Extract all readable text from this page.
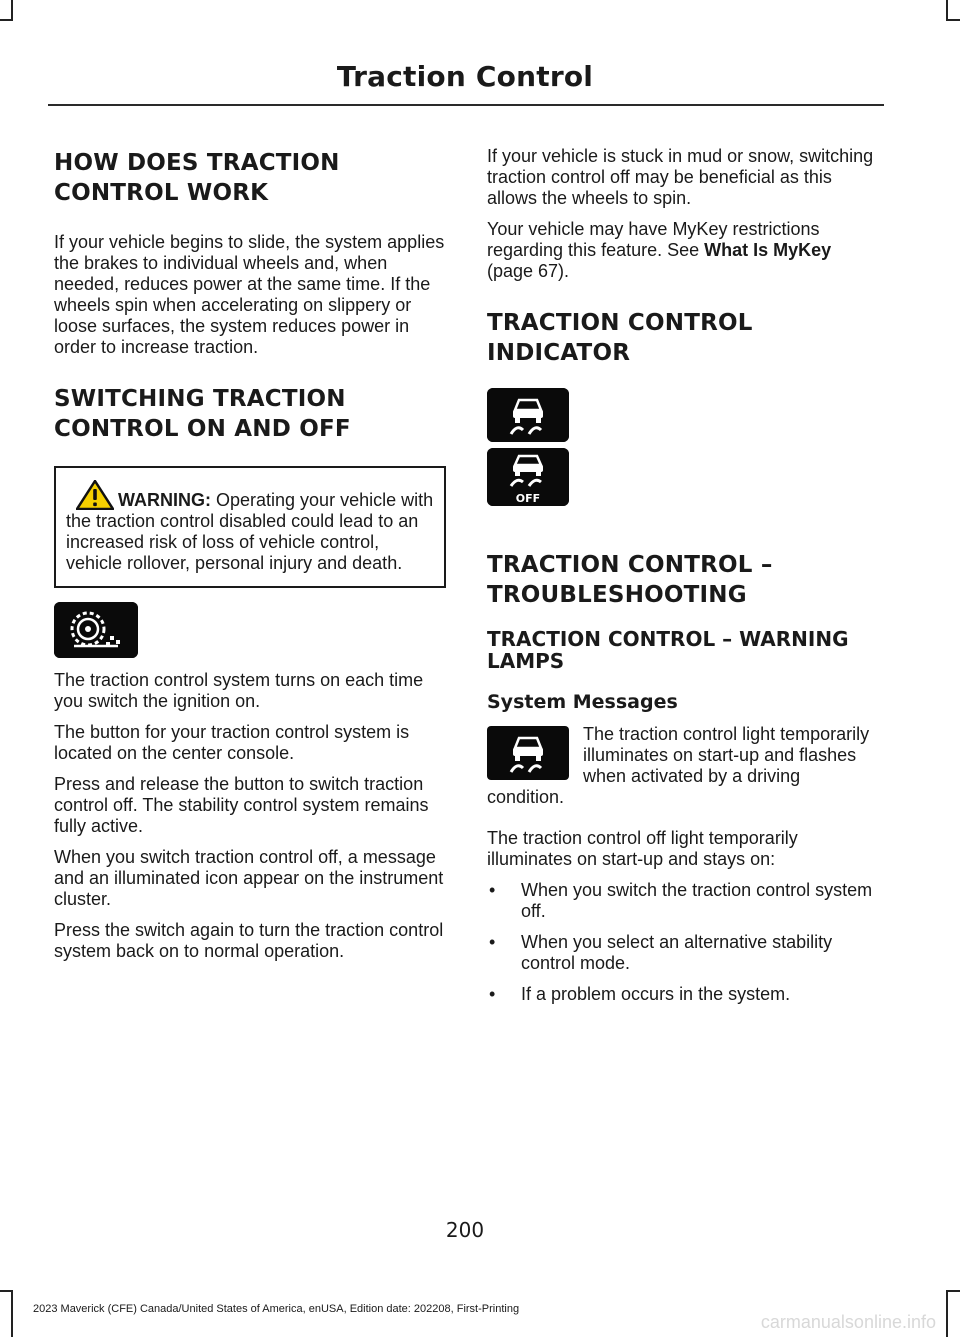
Traction Control
HOW DOES TRACTION
CONTROL WORK

If your vehicle begins to slide, the system applies the brakes to individual wheels and, when needed, reduces power at the same time. If the wheels spin when accelerating on slippery or loose surfaces, the system reduces power in order to increase traction.

SWITCHING TRACTION
CONTROL ON AND OFF

WARNING: Operating your vehicle with the traction control disabled could lead to an increased risk of loss of vehicle control, vehicle rollover, personal injury and death.

The traction control system turns on each time you switch the ignition on.

The button for your traction control system is located on the center console.

Press and release the button to switch traction control off. The stability control system remains fully active.

When you switch traction control off, a message and an illuminated icon appear on the instrument cluster.

Press the switch again to turn the traction control system back on to normal operation.

If your vehicle is stuck in mud or snow, switching traction control off may be beneficial as this allows the wheels to spin.

Your vehicle may have MyKey restrictions regarding this feature. See What Is MyKey (page 67).

TRACTION CONTROL
INDICATOR
OFF
TRACTION CONTROL –
TROUBLESHOOTING
TRACTION CONTROL – WARNING LAMPS
System Messages

The traction control light temporarily illuminates on start-up and flashes when activated by a driving condition.

The traction control off light temporarily illuminates on start-up and stays on:

• When you switch the traction control system off.
• When you select an alternative stability control mode.
• If a problem occurs in the system.
200
2023 Maverick (CFE) Canada/United States of America, enUSA, Edition date: 202208, First-Printing
carmanualsonline.info
